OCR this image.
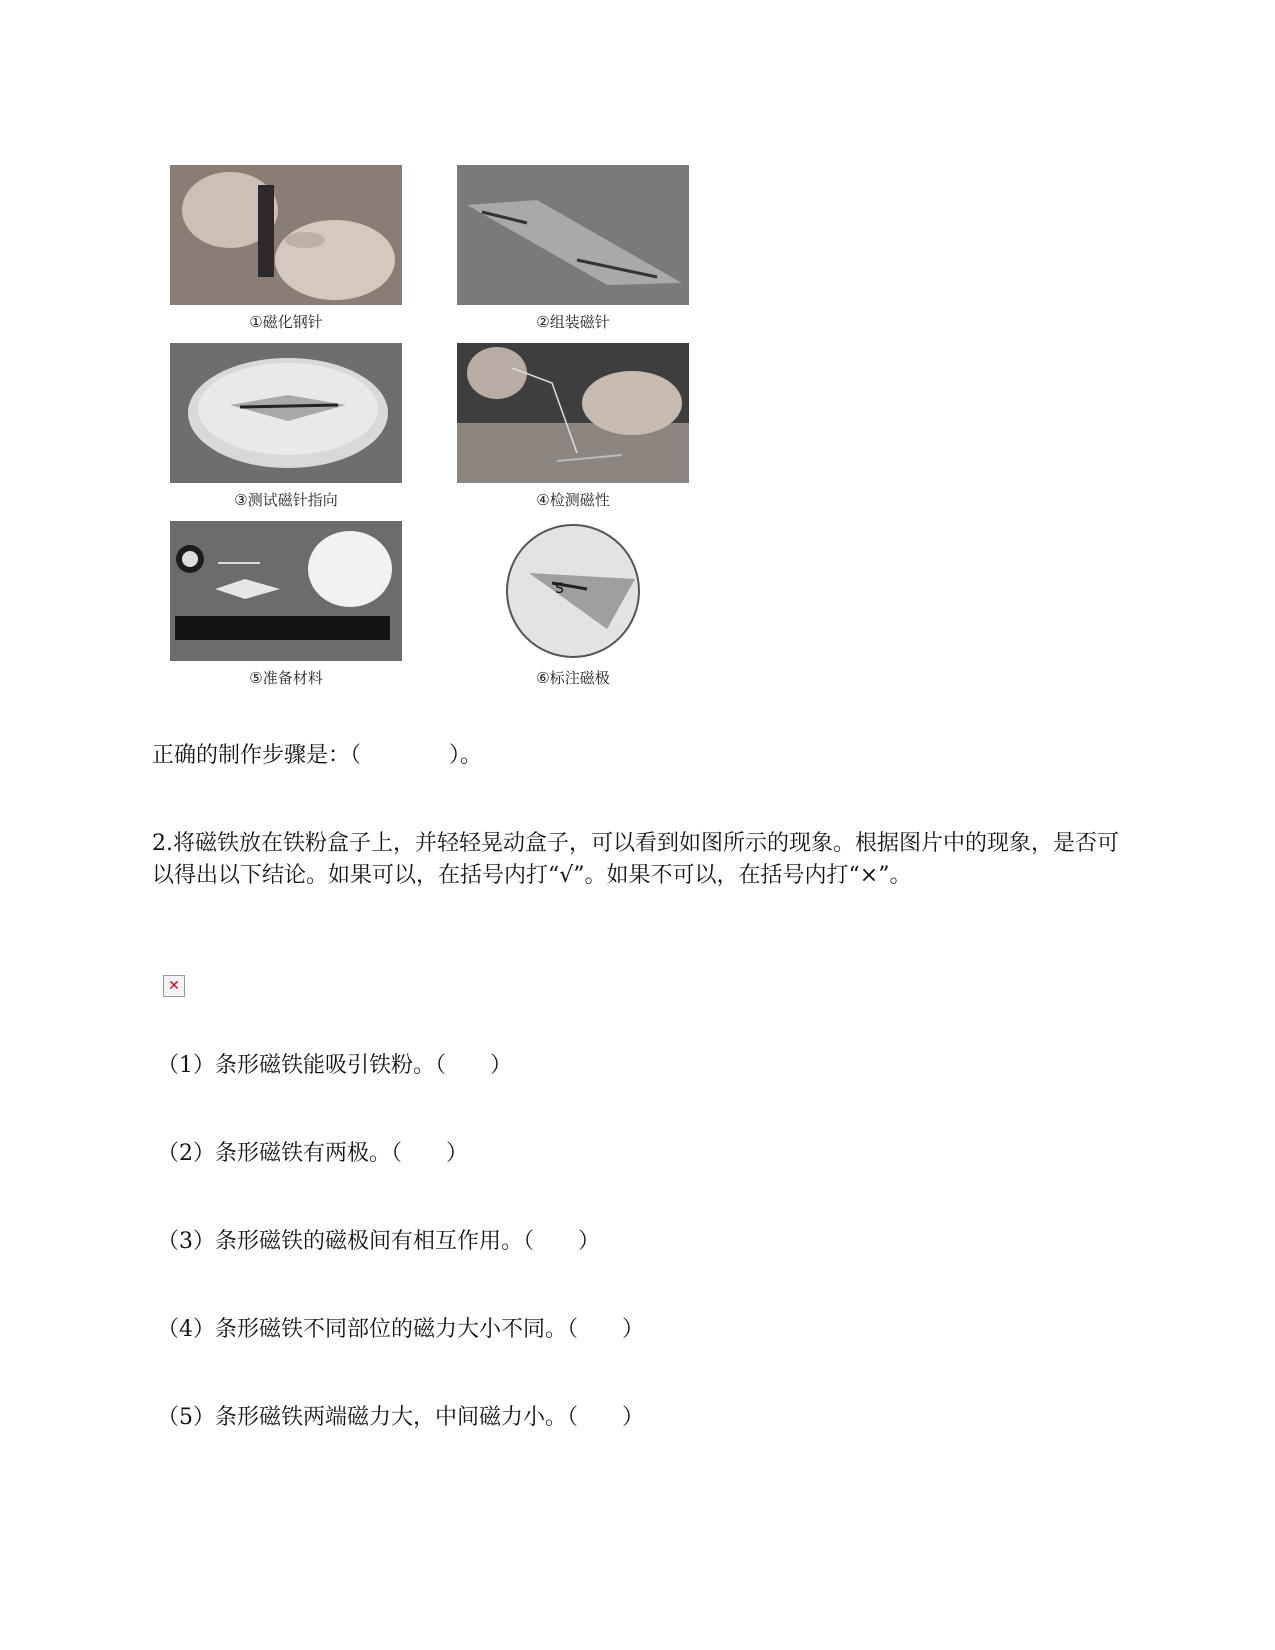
①磁化钢针	②组装磁针
③测试磁针指向	④检测磁性
⑤准备材料
S
⑥标注磁极
正确的制作步骤是：（　　　　）。
2.将磁铁放在铁粉盒子上，并轻轻晃动盒子，可以看到如图所示的现象。根据图片中的现象，是否可以得出以下结论。如果可以，在括号内打“√”。如果不可以，在括号内打“×”。
✕
（1）条形磁铁能吸引铁粉。（　　）
（2）条形磁铁有两极。（　　）
（3）条形磁铁的磁极间有相互作用。（　　）
（4）条形磁铁不同部位的磁力大小不同。（　　）
（5）条形磁铁两端磁力大，中间磁力小。（　　）
